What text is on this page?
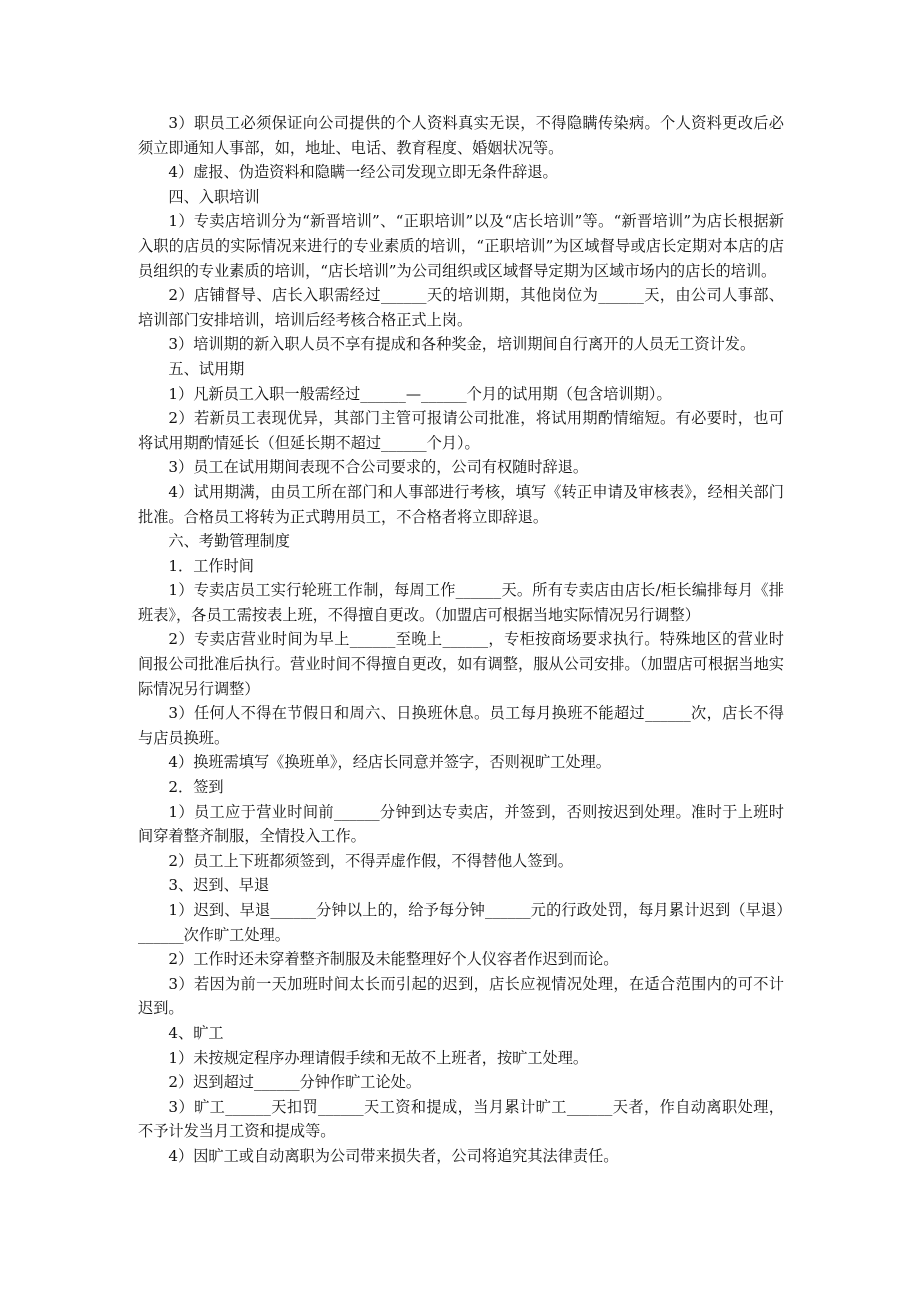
3）职员工必须保证向公司提供的个人资料真实无误，不得隐瞒传染病。个人资料更改后必须立即通知人事部，如，地址、电话、教育程度、婚姻状况等。

4）虚报、伪造资料和隐瞒一经公司发现立即无条件辞退。

四、入职培训

1）专卖店培训分为“新晋培训”、“正职培训”以及“店长培训”等。“新晋培训”为店长根据新入职的店员的实际情况来进行的专业素质的培训，“正职培训”为区域督导或店长定期对本店的店员组织的专业素质的培训，“店长培训”为公司组织或区域督导定期为区域市场内的店长的培训。

2）店铺督导、店长入职需经过______天的培训期，其他岗位为______天，由公司人事部、培训部门安排培训，培训后经考核合格正式上岗。

3）培训期的新入职人员不享有提成和各种奖金，培训期间自行离开的人员无工资计发。

五、试用期

1）凡新员工入职一般需经过______—______个月的试用期（包含培训期）。

2）若新员工表现优异，其部门主管可报请公司批准，将试用期酌情缩短。有必要时，也可将试用期酌情延长（但延长期不超过______个月）。

3）员工在试用期间表现不合公司要求的，公司有权随时辞退。

4）试用期满，由员工所在部门和人事部进行考核，填写《转正申请及审核表》，经相关部门批准。合格员工将转为正式聘用员工，不合格者将立即辞退。

六、考勤管理制度

1．工作时间

1）专卖店员工实行轮班工作制，每周工作______天。所有专卖店由店长/柜长编排每月《排班表》，各员工需按表上班，不得擅自更改。（加盟店可根据当地实际情况另行调整）

2）专卖店营业时间为早上______至晚上______，专柜按商场要求执行。特殊地区的营业时间报公司批准后执行。营业时间不得擅自更改，如有调整，服从公司安排。（加盟店可根据当地实际情况另行调整）

3）任何人不得在节假日和周六、日换班休息。员工每月换班不能超过______次，店长不得与店员换班。

4）换班需填写《换班单》，经店长同意并签字，否则视旷工处理。

2．签到

1）员工应于营业时间前______分钟到达专卖店，并签到，否则按迟到处理。准时于上班时间穿着整齐制服，全情投入工作。

2）员工上下班都须签到，不得弄虚作假，不得替他人签到。

3、迟到、早退

1）迟到、早退______分钟以上的，给予每分钟______元的行政处罚，每月累计迟到（早退）______次作旷工处理。

2）工作时还未穿着整齐制服及未能整理好个人仪容者作迟到而论。

3）若因为前一天加班时间太长而引起的迟到，店长应视情况处理，在适合范围内的可不计迟到。

4、旷工

1）未按规定程序办理请假手续和无故不上班者，按旷工处理。

2）迟到超过______分钟作旷工论处。

3）旷工______天扣罚______天工资和提成，当月累计旷工______天者，作自动离职处理，不予计发当月工资和提成等。

4）因旷工或自动离职为公司带来损失者，公司将追究其法律责任。
